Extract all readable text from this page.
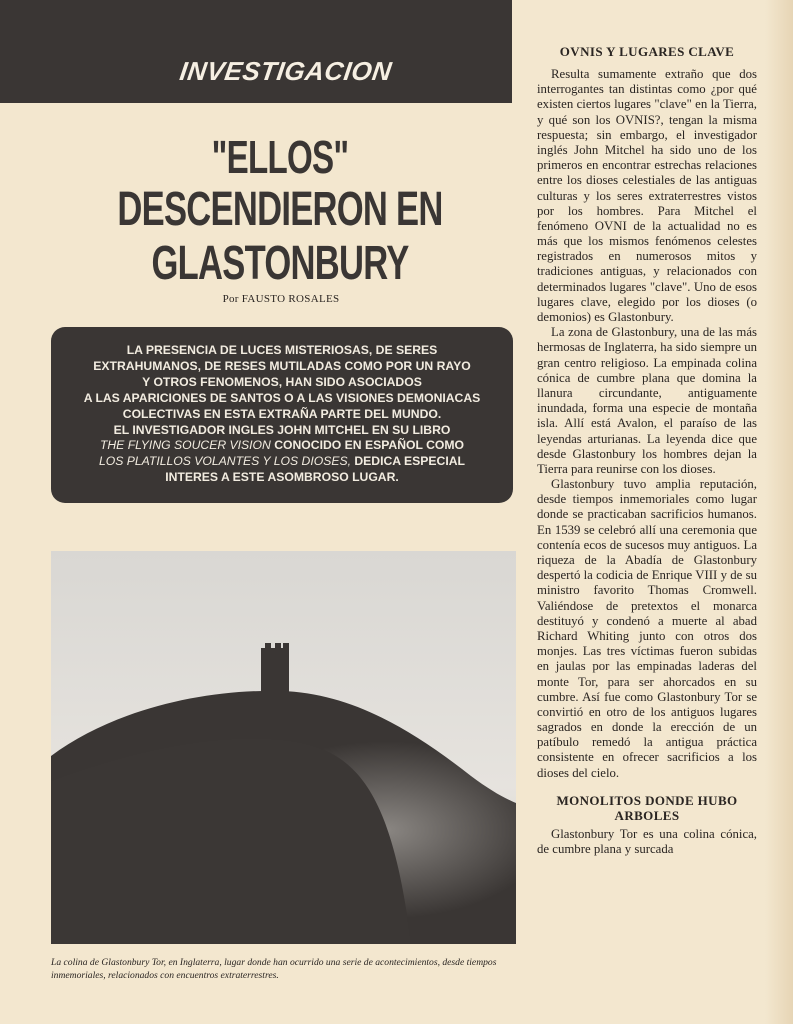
INVESTIGACION
"ELLOS"
DESCENDIERON EN
GLASTONBURY
Por FAUSTO ROSALES

LA PRESENCIA DE LUCES MISTERIOSAS, DE SERES

EXTRAHUMANOS, DE RESES MUTILADAS COMO POR UN RAYO

Y OTROS FENOMENOS, HAN SIDO ASOCIADOS

A LAS APARICIONES DE SANTOS O A LAS VISIONES DEMONIACAS

COLECTIVAS EN ESTA EXTRAÑA PARTE DEL MUNDO.

EL INVESTIGADOR INGLES JOHN MITCHEL EN SU LIBRO

THE FLYING SOUCER VISION CONOCIDO EN ESPAÑOL COMO

LOS PLATILLOS VOLANTES Y LOS DIOSES, DEDICA ESPECIAL

INTERES A ESTE ASOMBROSO LUGAR.

La colina de Glastonbury Tor, en Inglaterra, lugar donde han ocurrido una serie de acontecimientos, desde tiempos inmemoriales, relacionados con encuentros extraterrestres.
OVNIS Y LUGARES CLAVE

Resulta sumamente extraño que dos interrogantes tan distintas como ¿por qué existen ciertos lugares "clave" en la Tierra, y qué son los OVNIS?, tengan la misma respuesta; sin embargo, el investigador inglés John Mitchel ha sido uno de los primeros en encontrar estrechas relaciones entre los dioses celestiales de las antiguas culturas y los seres extraterrestres vistos por los hombres. Para Mitchel el fenómeno OVNI de la actualidad no es más que los mismos fenómenos celestes registrados en numerosos mitos y tradiciones antiguas, y relacionados con determinados lugares "clave". Uno de esos lugares clave, elegido por los dioses (o demonios) es Glastonbury.

La zona de Glastonbury, una de las más hermosas de Inglaterra, ha sido siempre un gran centro religioso. La empinada colina cónica de cumbre plana que domina la llanura circundante, antiguamente inundada, forma una especie de montaña isla. Allí está Avalon, el paraíso de las leyendas arturianas. La leyenda dice que desde Glastonbury los hombres dejan la Tierra para reunirse con los dioses.

Glastonbury tuvo amplia reputación, desde tiempos inmemoriales como lugar donde se practicaban sacrificios humanos. En 1539 se celebró allí una ceremonia que contenía ecos de sucesos muy antiguos. La riqueza de la Abadía de Glastonbury despertó la codicia de Enrique VIII y de su ministro favorito Thomas Cromwell. Valiéndose de pretextos el monarca destituyó y condenó a muerte al abad Richard Whiting junto con otros dos monjes. Las tres víctimas fueron subidas en jaulas por las empinadas laderas del monte Tor, para ser ahorcados en su cumbre. Así fue como Glastonbury Tor se convirtió en otro de los antiguos lugares sagrados en donde la erección de un patíbulo remedó la antigua práctica consistente en ofrecer sacrificios a los dioses del cielo.

MONOLITOS DONDE HUBO ARBOLES

Glastonbury Tor es una colina cónica, de cumbre plana y surcada
